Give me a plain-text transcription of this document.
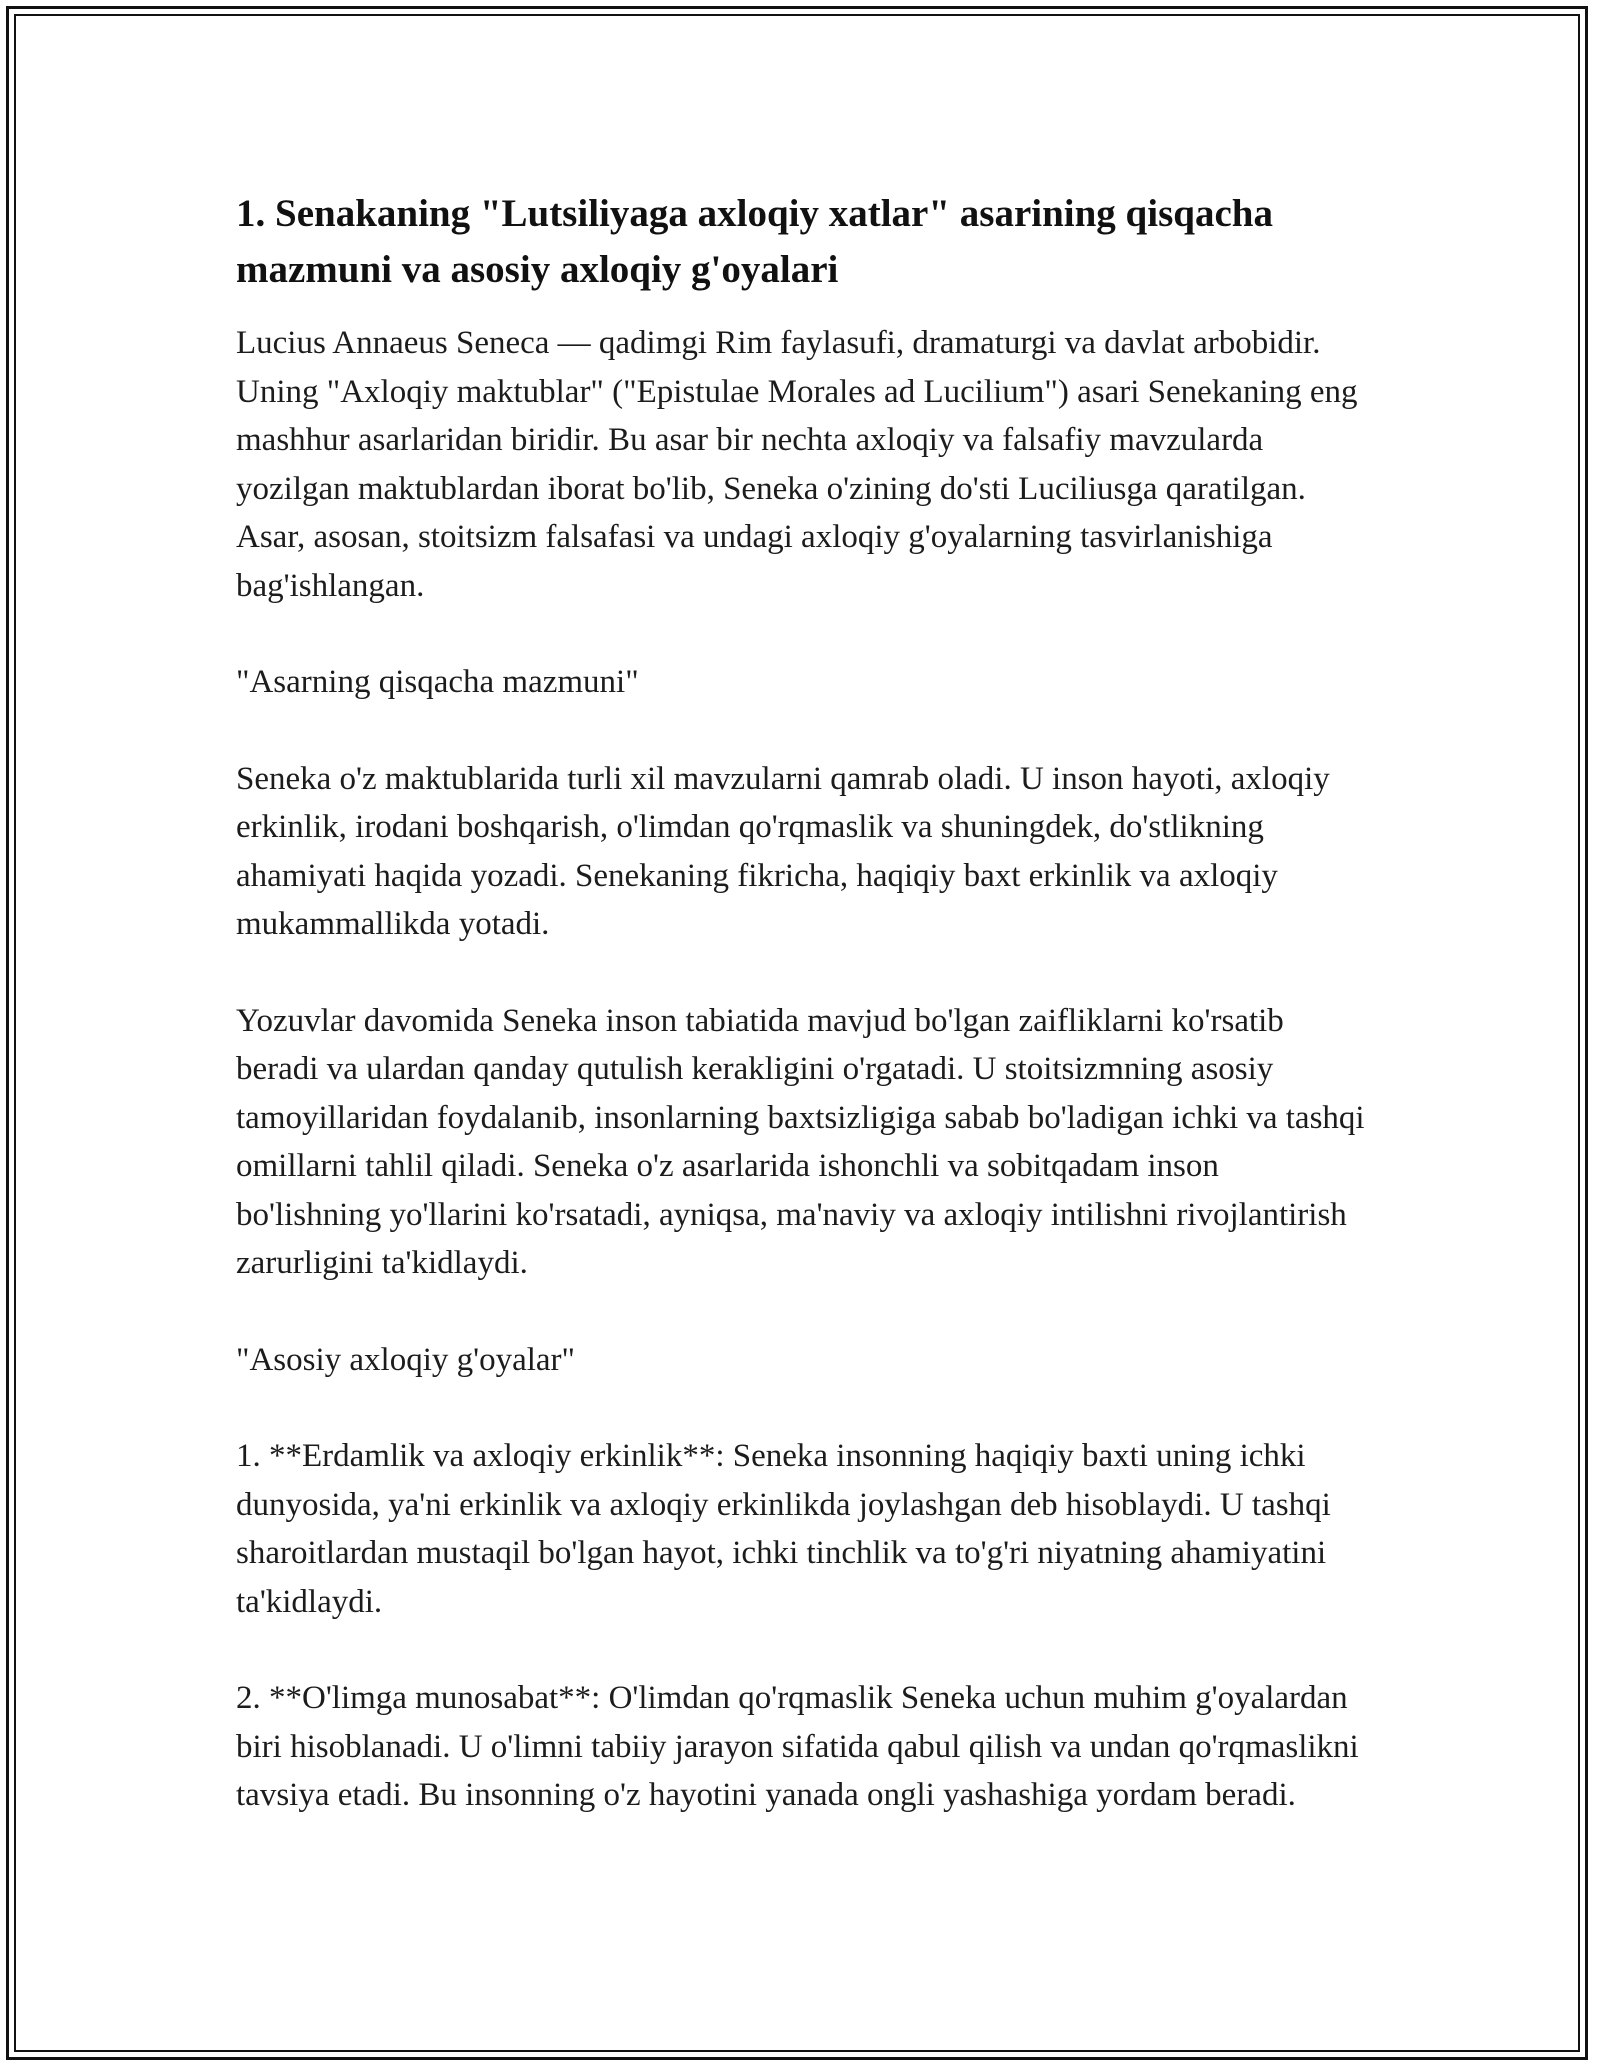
1. Senakaning "Lutsiliyaga axloqiy xatlar" asarining qisqacha mazmuni va asosiy axloqiy g'oyalari

Lucius Annaeus Seneca — qadimgi Rim faylasufi, dramaturgi va davlat arbobidir. Uning "Axloqiy maktublar" ("Epistulae Morales ad Lucilium") asari Senekaning eng mashhur asarlaridan biridir. Bu asar bir nechta axloqiy va falsafiy mavzularda yozilgan maktublardan iborat bo'lib, Seneka o'zining do'sti Luciliusga qaratilgan. Asar, asosan, stoitsizm falsafasi va undagi axloqiy g'oyalarning tasvirlanishiga bag'ishlangan.

"Asarning qisqacha mazmuni"

Seneka o'z maktublarida turli xil mavzularni qamrab oladi. U inson hayoti, axloqiy erkinlik, irodani boshqarish, o'limdan qo'rqmaslik va shuningdek, do'stlikning ahamiyati haqida yozadi. Senekaning fikricha, haqiqiy baxt erkinlik va axloqiy mukammallikda yotadi.

Yozuvlar davomida Seneka inson tabiatida mavjud bo'lgan zaifliklarni ko'rsatib beradi va ulardan qanday qutulish kerakligini o'rgatadi. U stoitsizmning asosiy tamoyillaridan foydalanib, insonlarning baxtsizligiga sabab bo'ladigan ichki va tashqi omillarni tahlil qiladi. Seneka o'z asarlarida ishonchli va sobitqadam inson bo'lishning yo'llarini ko'rsatadi, ayniqsa, ma'naviy va axloqiy intilishni rivojlantirish zarurligini ta'kidlaydi.

"Asosiy axloqiy g'oyalar"

1. **Erdamlik va axloqiy erkinlik**: Seneka insonning haqiqiy baxti uning ichki dunyosida, ya'ni erkinlik va axloqiy erkinlikda joylashgan deb hisoblaydi. U tashqi sharoitlardan mustaqil bo'lgan hayot, ichki tinchlik va to'g'ri niyatning ahamiyatini ta'kidlaydi.

2. **O'limga munosabat**: O'limdan qo'rqmaslik Seneka uchun muhim g'oyalardan biri hisoblanadi. U o'limni tabiiy jarayon sifatida qabul qilish va undan qo'rqmaslikni tavsiya etadi. Bu insonning o'z hayotini yanada ongli yashashiga yordam beradi.
